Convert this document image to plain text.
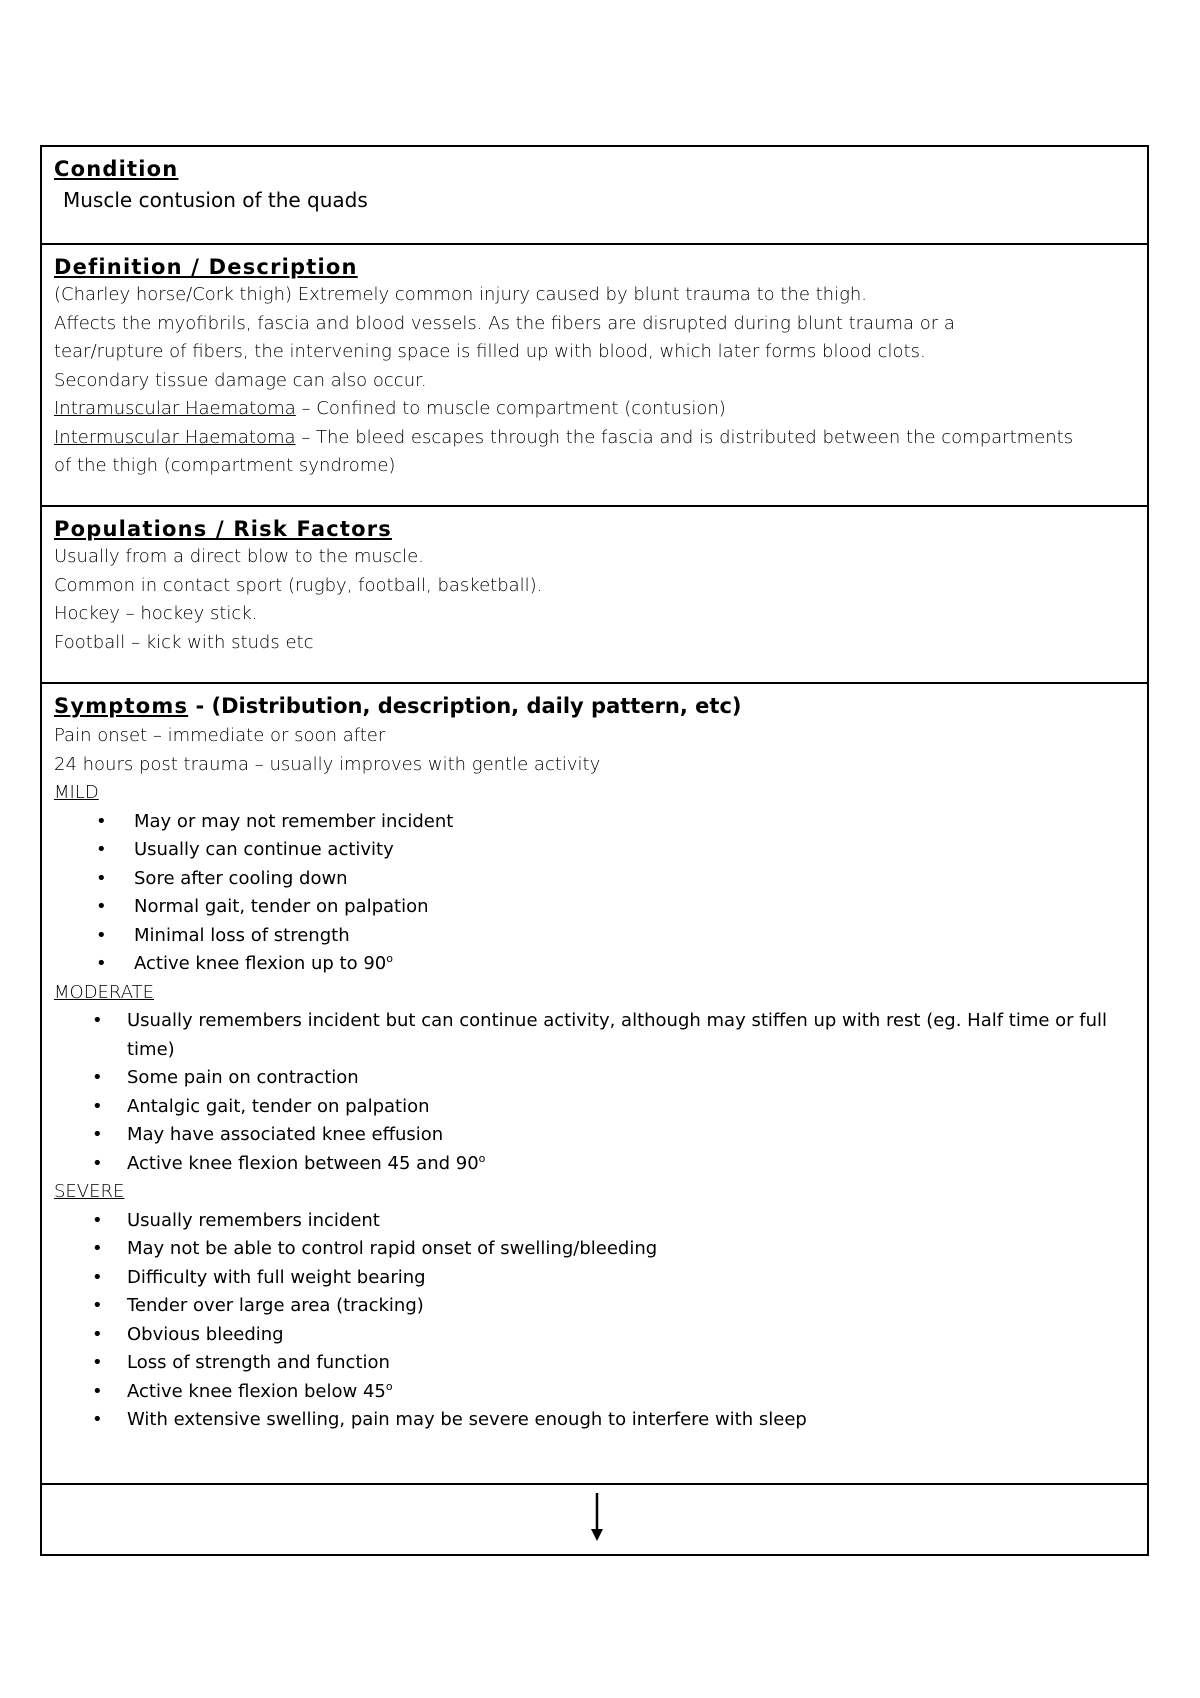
Condition
Muscle contusion of the quads
Definition / Description
(Charley horse/Cork thigh) Extremely common injury caused by blunt trauma to the thigh.
Affects the myofibrils, fascia and blood vessels. As the fibers are disrupted during blunt trauma or a
tear/rupture of fibers, the intervening space is filled up with blood, which later forms blood clots.
Secondary tissue damage can also occur.
Intramuscular Haematoma – Confined to muscle compartment (contusion)
Intermuscular Haematoma – The bleed escapes through the fascia and is distributed between the compartments
of the thigh (compartment syndrome)
Populations / Risk Factors
Usually from a direct blow to the muscle.
Common in contact sport (rugby, football, basketball).
Hockey – hockey stick.
Football – kick with studs etc
Symptoms - (Distribution, description, daily pattern, etc)
Pain onset – immediate or soon after
24 hours post trauma – usually improves with gentle activity
MILD
• May or may not remember incident
• Usually can continue activity
• Sore after cooling down
• Normal gait, tender on palpation
• Minimal loss of strength
• Active knee flexion up to 90$^o$
MODERATE
• Usually remembers incident but can continue activity, although may stiffen up with rest (eg. Half time or full time)
• Some pain on contraction
• Antalgic gait, tender on palpation
• May have associated knee effusion
• Active knee flexion between 45 and 90$^o$
SEVERE
• Usually remembers incident
• May not be able to control rapid onset of swelling/bleeding
• Difficulty with full weight bearing
• Tender over large area (tracking)
• Obvious bleeding
• Loss of strength and function
• Active knee flexion below 45$^o$
• With extensive swelling, pain may be severe enough to interfere with sleep
